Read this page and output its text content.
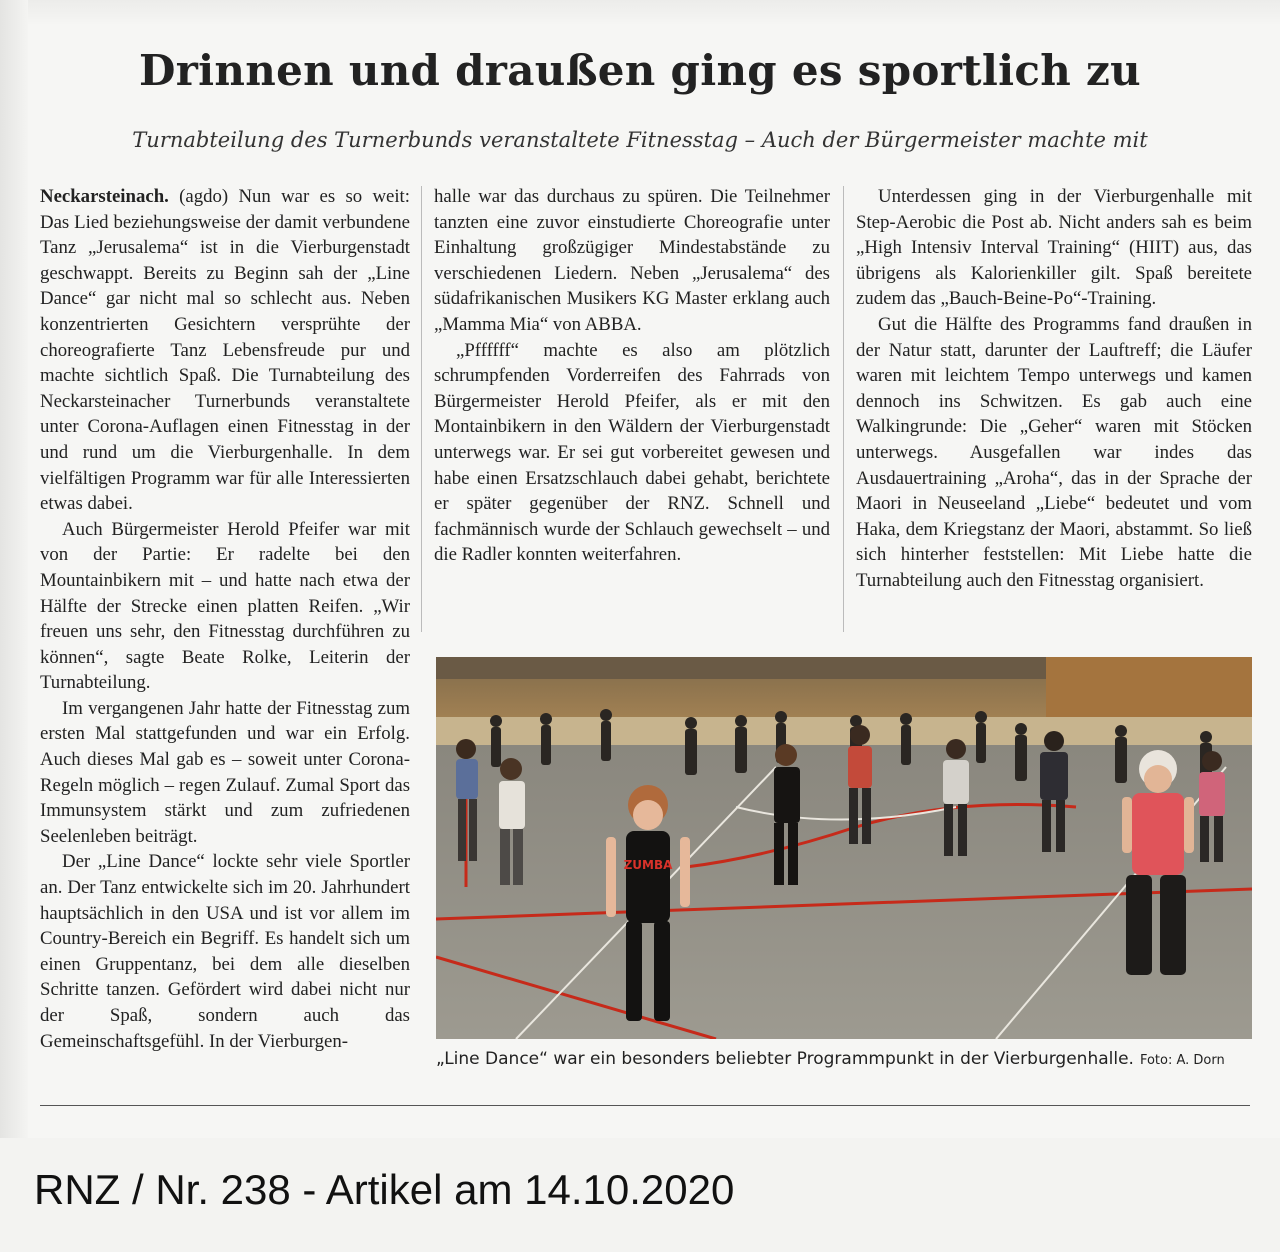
Drinnen und draußen ging es sportlich zu
Turnabteilung des Turnerbunds veranstaltete Fitnesstag – Auch der Bürgermeister machte mit

Neckarsteinach. (agdo) Nun war es so weit: Das Lied beziehungsweise der damit verbundene Tanz „Jerusalema“ ist in die Vierburgenstadt geschwappt. Bereits zu Beginn sah der „Line Dance“ gar nicht mal so schlecht aus. Neben konzentrierten Gesichtern versprühte der choreografierte Tanz Lebensfreude pur und machte sichtlich Spaß. Die Turnabteilung des Neckarsteinacher Turnerbunds veranstaltete unter Corona-Auflagen einen Fitnesstag in der und rund um die Vierburgenhalle. In dem vielfältigen Programm war für alle Interessierten etwas dabei.

Auch Bürgermeister Herold Pfeifer war mit von der Partie: Er radelte bei den Mountainbikern mit – und hatte nach etwa der Hälfte der Strecke einen platten Reifen. „Wir freuen uns sehr, den Fitnesstag durchführen zu können“, sagte Beate Rolke, Leiterin der Turnabteilung.

Im vergangenen Jahr hatte der Fitnesstag zum ersten Mal stattgefunden und war ein Erfolg. Auch dieses Mal gab es – soweit unter Corona-Regeln möglich – regen Zulauf. Zumal Sport das Immunsystem stärkt und zum zufriedenen Seelenleben beiträgt.

Der „Line Dance“ lockte sehr viele Sportler an. Der Tanz entwickelte sich im 20. Jahrhundert hauptsächlich in den USA und ist vor allem im Country-Bereich ein Begriff. Es handelt sich um einen Gruppentanz, bei dem alle dieselben Schritte tanzen. Gefördert wird dabei nicht nur der Spaß, sondern auch das Gemeinschaftsgefühl. In der Vierburgen-

halle war das durchaus zu spüren. Die Teilnehmer tanzten eine zuvor einstudierte Choreografie unter Einhaltung großzügiger Mindestabstände zu verschiedenen Liedern. Neben „Jerusalema“ des südafrikanischen Musikers KG Master erklang auch „Mamma Mia“ von ABBA.

„Pffffff“ machte es also am plötzlich schrumpfenden Vorderreifen des Fahrrads von Bürgermeister Herold Pfeifer, als er mit den Montainbikern in den Wäldern der Vierburgenstadt unterwegs war. Er sei gut vorbereitet gewesen und habe einen Ersatzschlauch dabei gehabt, berichtete er später gegenüber der RNZ. Schnell und fachmännisch wurde der Schlauch gewechselt – und die Radler konnten weiterfahren.

Unterdessen ging in der Vierburgenhalle mit Step-Aerobic die Post ab. Nicht anders sah es beim „High Intensiv Interval Training“ (HIIT) aus, das übrigens als Kalorienkiller gilt. Spaß bereitete zudem das „Bauch-Beine-Po“-Training.

Gut die Hälfte des Programms fand draußen in der Natur statt, darunter der Lauftreff; die Läufer waren mit leichtem Tempo unterwegs und kamen dennoch ins Schwitzen. Es gab auch eine Walkingrunde: Die „Geher“ waren mit Stöcken unterwegs. Ausgefallen war indes das Ausdauertraining „Aroha“, das in der Sprache der Maori in Neuseeland „Liebe“ bedeutet und vom Haka, dem Kriegstanz der Maori, abstammt. So ließ sich hinterher feststellen: Mit Liebe hatte die Turnabteilung auch den Fitnesstag organisiert.

ZUMBA
„Line Dance“ war ein besonders beliebter Programmpunkt in der Vierburgenhalle. Foto: A. Dorn
RNZ / Nr. 238 - Artikel am 14.10.2020
